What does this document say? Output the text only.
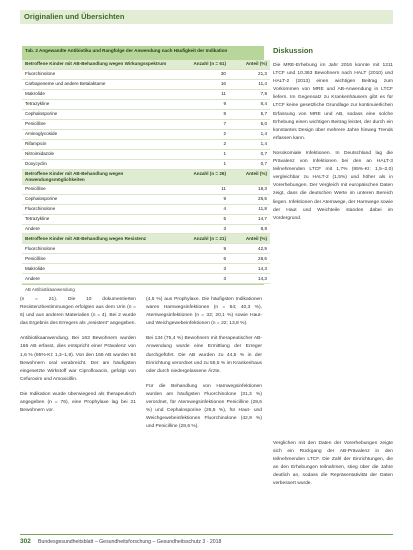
Originalien und Übersichten
Tab. 2 Angewandte Antibiotika und Rangfolge der Anwendung nach Häufigkeit der Indikation
Betroffene Kinder mit AB-Behandlung wegen Wirkungsspektrum	Anzahl (n = 61)	Anteil (%)
Fluorchinolone	30	21,3
Carbapeneme und andere Betalaktame	16	11,4
Makrolide	11	7,8
Tetrazykline	9	6,4
Cephalosporine	8	5,7
Penicilline	7	5,0
Aminoglycoside	2	1,4
Rifampicin	2	1,4
Nitroimidazole	1	0,7
Doxycyclin	1	0,7
Betroffene Kinder mit AB-Behandlung wegen Anwendungsmöglichkeiten	Anzahl (n = 26)	Anteil (%)
Penicilline	11	18,3
Cephalosporine	9	26,5
Fluorchinolone	4	11,8
Tetrazykline	5	14,7
Andere	3	8,8
Betroffene Kinder mit AB-Behandlung wegen Resistenz	Anzahl (n = 21)	Anteil (%)
Fluorchinolone	9	42,9
Penicilline	6	28,6
Makrolide	3	14,3
Andere	3	14,3
AB Antibiotikaanwendung
Diskussion

Die MRE-Erhebung im Jahr 2016 konnte mit 1211 LTCF und 10.363 Bewohnern nach HALT (2010) und HALT-2 (2013) einen wichtigen Beitrag zum Vorkommen von MRE und AB-Anwendung in LTCF liefern. Im Gegensatz zu Krankenhäusern gibt es für LTCF keine gesetzliche Grundlage zur kontinuierlichen Erfassung von MRE und AB, sodass eine solche Erhebung einen wichtigen Beitrag leistet, der durch ein konstantes Design über mehrere Jahre hinweg Trends erfassen kann.

Nosokomiale Infektionen. In Deutschland lag die Prävalenz von Infektionen bei den an HALT-3 teilnehmenden LTCF mit 1,7% (95%-KI: 1,5–2,0) vergleichbar zu HALT-2 (1,5%) und höher als in Vorerhebungen. Der Vergleich mit europäischen Daten zeigt, dass die deutschen Werte im unteren Bereich liegen. Infektionen der Atemwege, der Harnwege sowie der Haut und Weichteile standen dabei im Vordergrund.

(n = 21). Die 10 dokumentierten Resistenzbestimmungen erfolgten aus dem Urin (n = 6) und aus anderen Materialien (n = 4). Bei 2 wurde das Ergebnis des Erregers als „resistent“ angegeben.

Antibiotikaanwendung. Bei 163 Bewohnern wurden 166 AB erfasst, dies entspricht einer Prävalenz von 1,6 % (95%-KI: 1,3–1,9). Von den 166 AB wurden 94 Bewohnern oral verabreicht. Der am häufigsten eingesetzte Wirkstoff war Ciprofloxacin, gefolgt von Cefuroxim und Amoxicillin.

Die Indikation wurde überwiegend als therapeutisch angegeben (n = 76), eine Prophylaxe lag bei 21 Bewohnern vor.

(4,5 %) aus Prophylaxe. Die häufigsten Indikationen waren Harnwegsinfektionen (n = 64; 40,3 %), Atemwegsinfektionen (n = 32; 20,1 %) sowie Haut- und Weichgewebeinfektionen (n = 22; 13,8 %).

Bei 134 (75,4 %) Bewohnern mit therapeutischer AB-Anwendung wurde eine Ermittlung der Erreger durchgeführt. Die AB wurden zu 44,5 % in der Einrichtung verordnet und zu 55,5 % im Krankenhaus oder durch niedergelassene Ärzte.

Für die Behandlung von Harnwegsinfektionen wurden am häufigsten Fluorchinolone (31,3 %) verordnet, für Atemwegsinfektionen Penicilline (28,6 %) und Cephalosporine (26,5 %), für Haut- und Weichgewebeinfektionen Fluorchinolone (42,9 %) und Penicilline (28,6 %).

Verglichen mit den Daten der Vorerhebungen zeigte sich ein Rückgang der AB-Prävalenz in den teilnehmenden LTCF. Die Zahl der Einrichtungen, die an den Erhebungen teilnahmen, stieg über die Jahre deutlich an, sodass die Repräsentativität der Daten verbessert wurde.

302 Bundesgesundheitsblatt – Gesundheitsforschung – Gesundheitsschutz 3 · 2018
